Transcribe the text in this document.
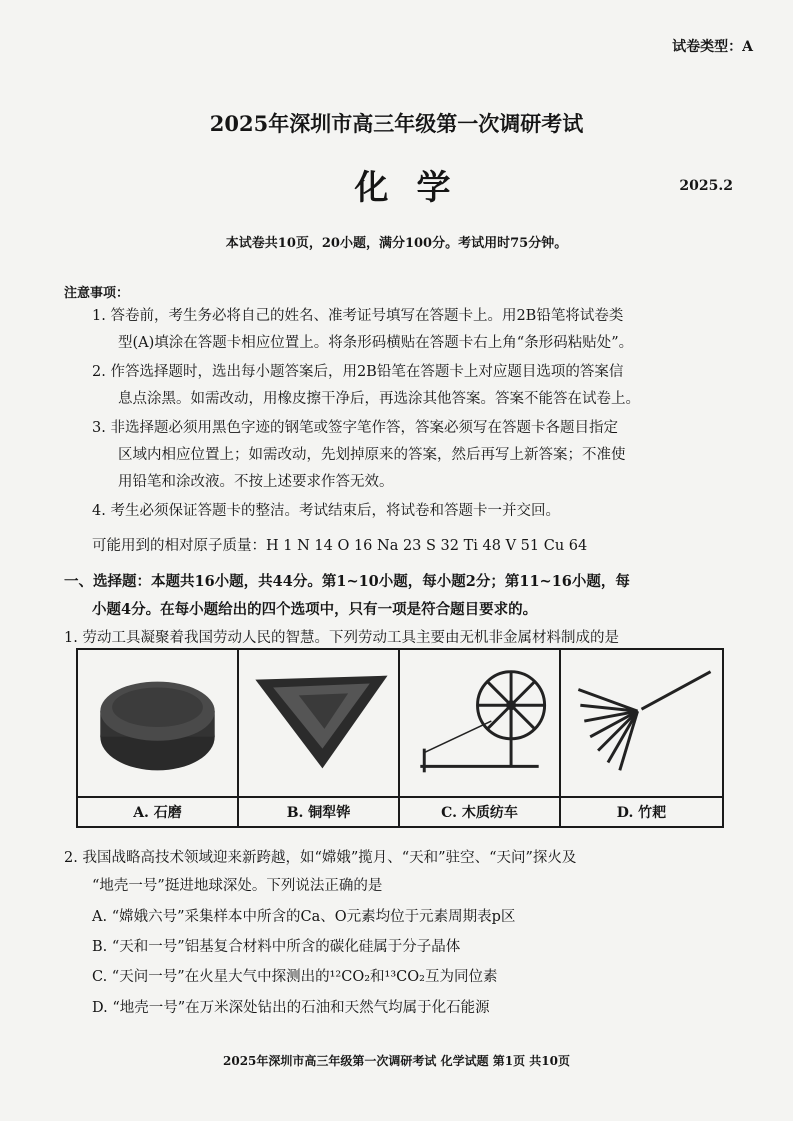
试卷类型：A
2025年深圳市高三年级第一次调研考试
化学	2025.2
本试卷共10页，20小题，满分100分。考试用时75分钟。
注意事项：
1. 答卷前，考生务必将自己的姓名、准考证号填写在答题卡上。用2B铅笔将试卷类
型(A)填涂在答题卡相应位置上。将条形码横贴在答题卡右上角“条形码粘贴处”。
2. 作答选择题时，选出每小题答案后，用2B铅笔在答题卡上对应题目选项的答案信
息点涂黑。如需改动，用橡皮擦干净后，再选涂其他答案。答案不能答在试卷上。
3. 非选择题必须用黑色字迹的钢笔或签字笔作答，答案必须写在答题卡各题目指定
区域内相应位置上；如需改动，先划掉原来的答案，然后再写上新答案；不准使
用铅笔和涂改液。不按上述要求作答无效。
4. 考生必须保证答题卡的整洁。考试结束后，将试卷和答题卡一并交回。
可能用到的相对原子质量：H 1 N 14 O 16 Na 23 S 32 Ti 48 V 51 Cu 64
一、选择题：本题共16小题，共44分。第1~10小题，每小题2分；第11~16小题，每
小题4分。在每小题给出的四个选项中，只有一项是符合题目要求的。
1. 劳动工具凝聚着我国劳动人民的智慧。下列劳动工具主要由无机非金属材料制成的是
A. 石磨	B. 铜犁铧	C. 木质纺车	D. 竹耙
2. 我国战略高技术领域迎来新跨越，如“嫦娥”揽月、“天和”驻空、“天问”探火及
“地壳一号”挺进地球深处。下列说法正确的是
A. “嫦娥六号”采集样本中所含的Ca、O元素均位于元素周期表p区
B. “天和一号”铝基复合材料中所含的碳化硅属于分子晶体
C. “天问一号”在火星大气中探测出的¹²CO₂和¹³CO₂互为同位素
D. “地壳一号”在万米深处钻出的石油和天然气均属于化石能源
2025年深圳市高三年级第一次调研考试 化学试题 第1页 共10页
